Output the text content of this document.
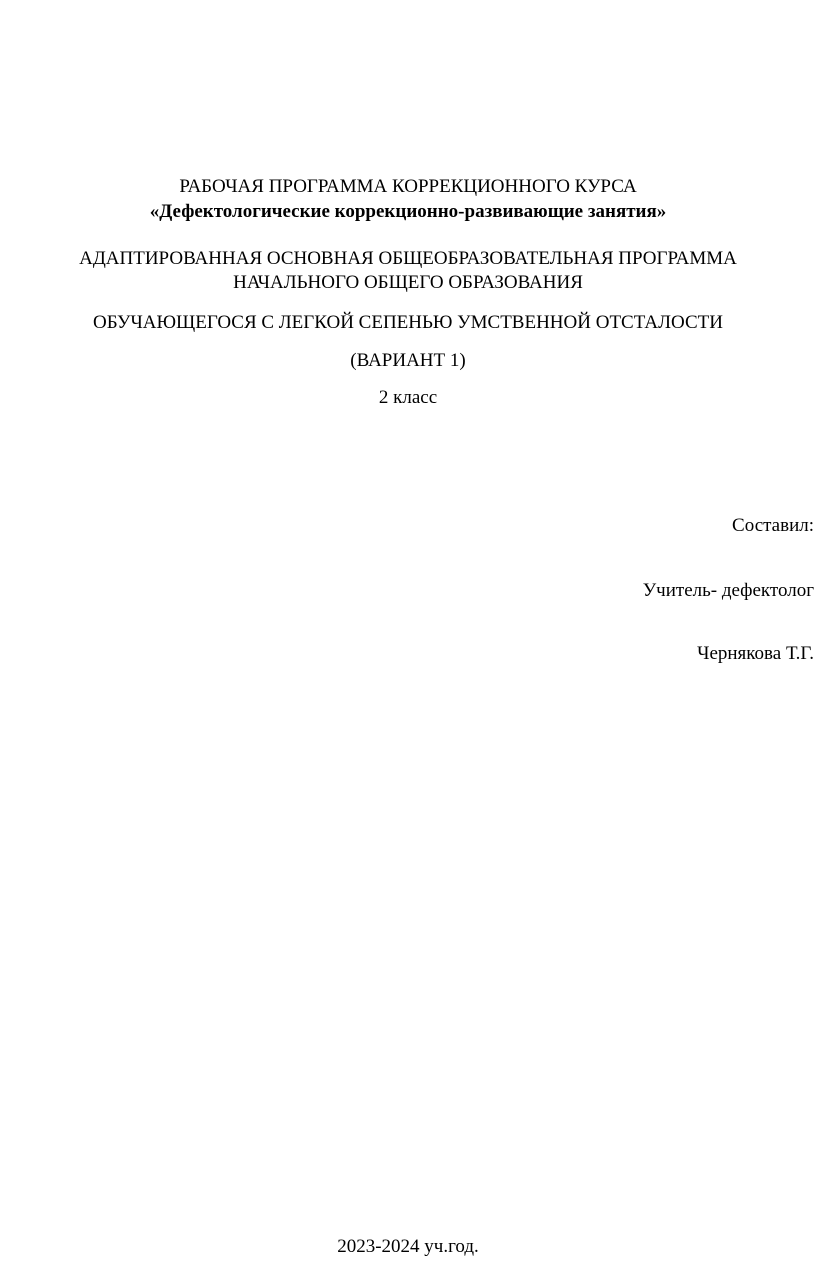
РАБОЧАЯ ПРОГРАММА КОРРЕКЦИОННОГО КУРСА
«Дефектологические коррекционно-развивающие занятия»
АДАПТИРОВАННАЯ ОСНОВНАЯ ОБЩЕОБРАЗОВАТЕЛЬНАЯ ПРОГРАММА
НАЧАЛЬНОГО ОБЩЕГО ОБРАЗОВАНИЯ
ОБУЧАЮЩЕГОСЯ С ЛЕГКОЙ СЕПЕНЬЮ УМСТВЕННОЙ ОТСТАЛОСТИ
(ВАРИАНТ 1)
2 класс
Составил:
Учитель- дефектолог
Чернякова Т.Г.
2023-2024 уч.год.
